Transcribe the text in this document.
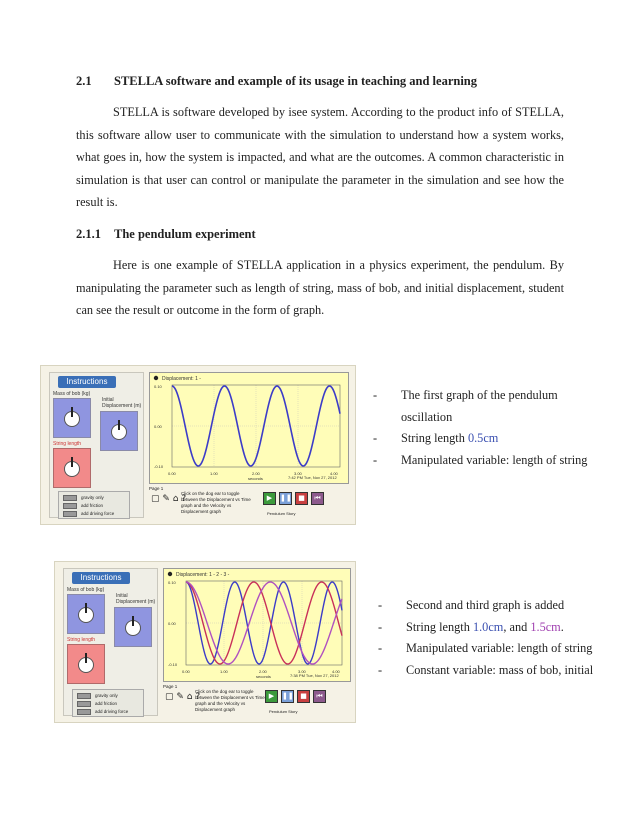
2.1 STELLA software and example of its usage in teaching and learning

STELLA is software developed by isee system. According to the product info of STELLA, this software allow user to communicate with the simulation to understand how a system works, what goes in, how the system is impacted, and what are the outcomes. A common characteristic in simulation is that user can control or manipulate the parameter in the simulation and see how the result is.

2.1.1 The pendulum experiment

Here is one example of STELLA application in a physics experiment, the pendulum. By manipulating the parameter such as length of string, mass of bob, and initial displacement, student can see the result or outcome in the form of graph.

Instructions
Mass of bob (kg)
Initial Displacement (m)
String length
gravity only
add friction
add driving force
Displacement: 1 -
0.10
0.00
-0.10
0.00	1.00	2.00	3.00	4.00
seconds	7:42 PM Tue, Nov 27, 2012
Page 1
▢ ✎ ⌂ ?
Click on the dog ear to toggle between the Displacement vs Time graph and the Velocity vs Displacement graph
▶	❚❚ ■	⏮
Pendulum Story
- The first graph of the pendulum oscillation
- String length 0.5cm
- Manipulated variable: length of string
Instructions
Mass of bob (kg)
Initial Displacement (m)
String length
gravity only
add friction
add driving force
Displacement: 1 - 2 - 3 -
0.10
0.00
-0.10
0.00	1.00	2.00	3.00	4.00
seconds	7:38 PM Tue, Nov 27, 2012
Page 1
▢ ✎ ⌂ ?
Click on the dog ear to toggle between the Displacement vs Time graph and the Velocity vs Displacement graph
▶	❚❚ ■	⏮
Pendulum Story
- Second and third graph is added
- String length 1.0cm, and 1.5cm.
- Manipulated variable: length of string
- Constant variable: mass of bob, initial
